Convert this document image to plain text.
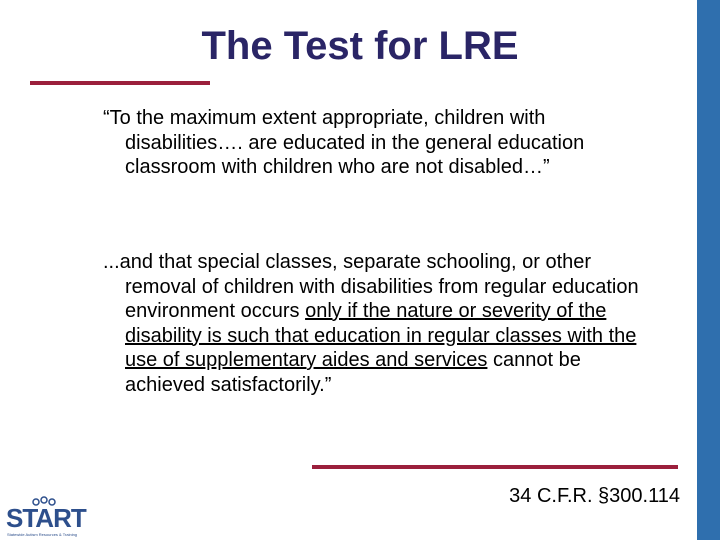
The Test for LRE
“To the maximum extent appropriate, children with disabilities…. are educated in the general education classroom with children who are not disabled…”
...and that special classes, separate schooling, or other removal of children with disabilities from regular education environment occurs only if the nature or severity of the disability is such that education in regular classes with the use of supplementary aides and services cannot be achieved satisfactorily.”
34 C.F.R. §300.114
START
Statewide Autism Resources & Training
